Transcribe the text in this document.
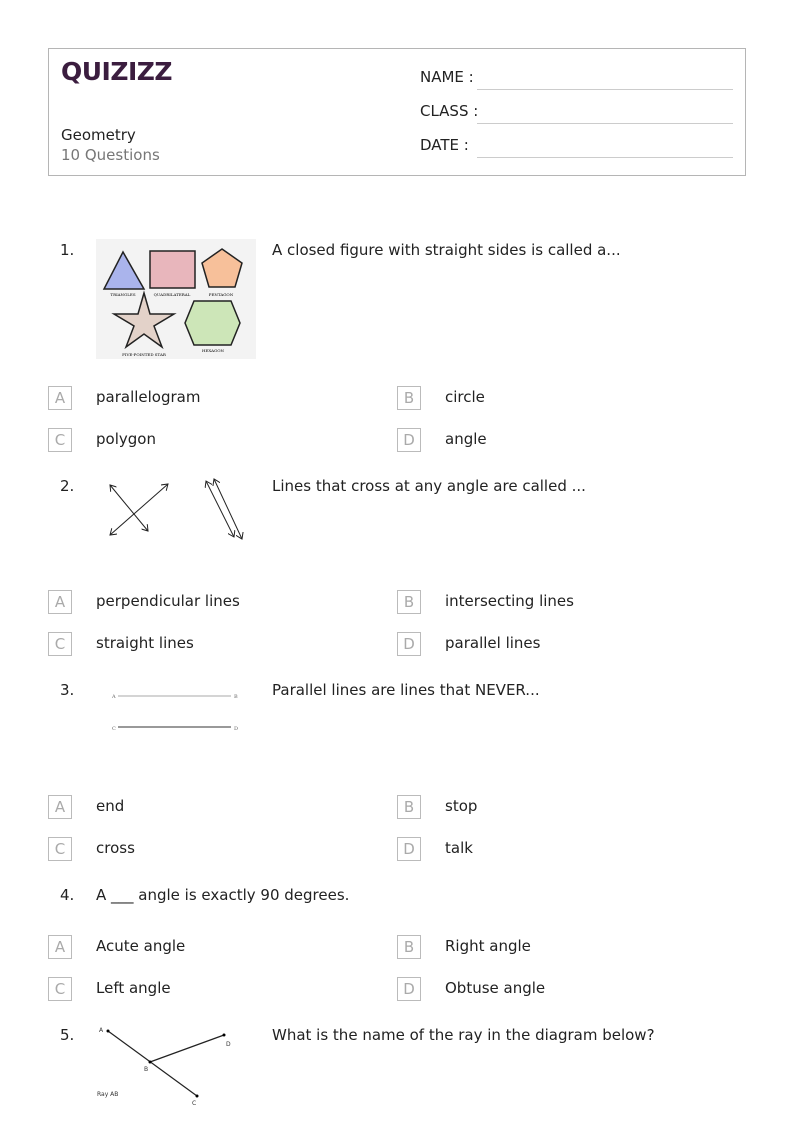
QUIZIZZ
Geometry
10 Questions
NAME :
CLASS :
DATE :
1.
TRIANGLES	QUADRILATERAL	PENTAGON
FIVE-POINTED STAR
HEXAGON
A closed figure with straight sides is called a...
A	parallelogram	B	circle
C	polygon	D	angle
2.	Lines that cross at any angle are called ...
A	perpendicular lines	B	intersecting lines
C	straight lines	D	parallel lines
3.	A	B
C	D
Parallel lines are lines that NEVER...
A	end	B	stop
C	cross	D	talk
4. A ___ angle is exactly 90 degrees.
A	Acute angle	B	Right angle
C	Left angle	D	Obtuse angle
5.	A
B
C
D
Ray AB
What is the name of the ray in the diagram below?
